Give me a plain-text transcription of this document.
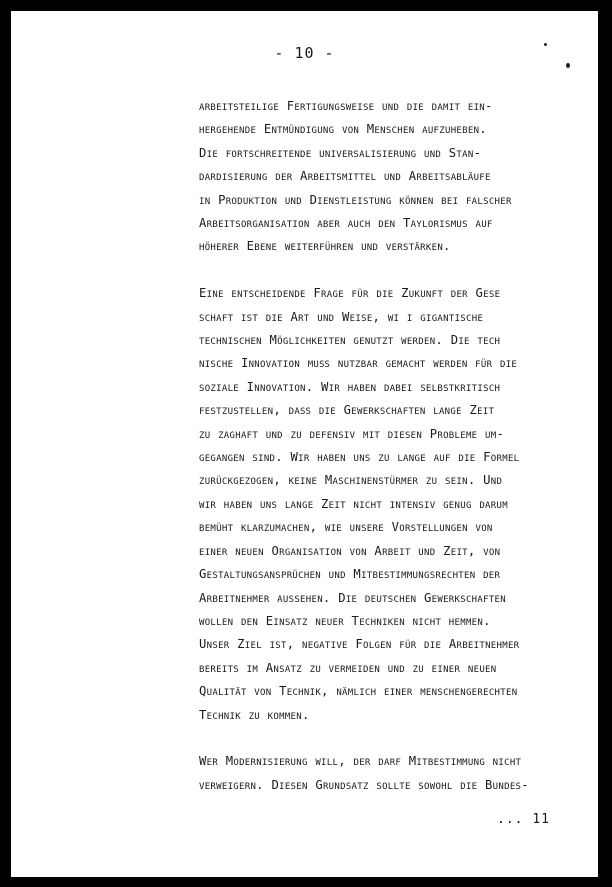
- 10 -

arbeitsteilige Fertigungsweise und die damit ein-
hergehende Entmündigung von Menschen aufzuheben.
Die fortschreitende universalisierung und Stan-
dardisierung der Arbeitsmittel und Arbeitsabläufe
in Produktion und Dienstleistung können bei falscher
Arbeitsorganisation aber auch den Taylorismus auf
höherer Ebene weiterführen und verstärken.

Eine entscheidende Frage für die Zukunft der Gese
schaft ist die Art und Weise, wi i gigantische
technischen Möglichkeiten genutzt werden. Die tech
nische Innovation muß nutzbar gemacht werden für die
soziale Innovation. Wir haben dabei selbstkritisch
festzustellen, daß die Gewerkschaften lange Zeit
zu zaghaft und zu defensiv mit diesen Probleme um-
gegangen sind. Wir haben uns zu lange auf die Formel
zurückgezogen, keine Maschinenstürmer zu sein. Und
wir haben uns lange Zeit nicht intensiv genug darum
bemüht klarzumachen, wie unsere Vorstellungen von
einer neuen Organisation von Arbeit und Zeit, von
Gestaltungsansprüchen und Mitbestimmungsrechten der
Arbeitnehmer aussehen. Die deutschen Gewerkschaften
wollen den Einsatz neuer Techniken nicht hemmen.
Unser Ziel ist, negative Folgen für die Arbeitnehmer
bereits im Ansatz zu vermeiden und zu einer neuen
Qualität von Technik, nämlich einer menschengerechten
Technik zu kommen.

Wer Modernisierung will, der darf Mitbestimmung nicht
verweigern. Diesen Grundsatz sollte sowohl die Bundes-

... 11
